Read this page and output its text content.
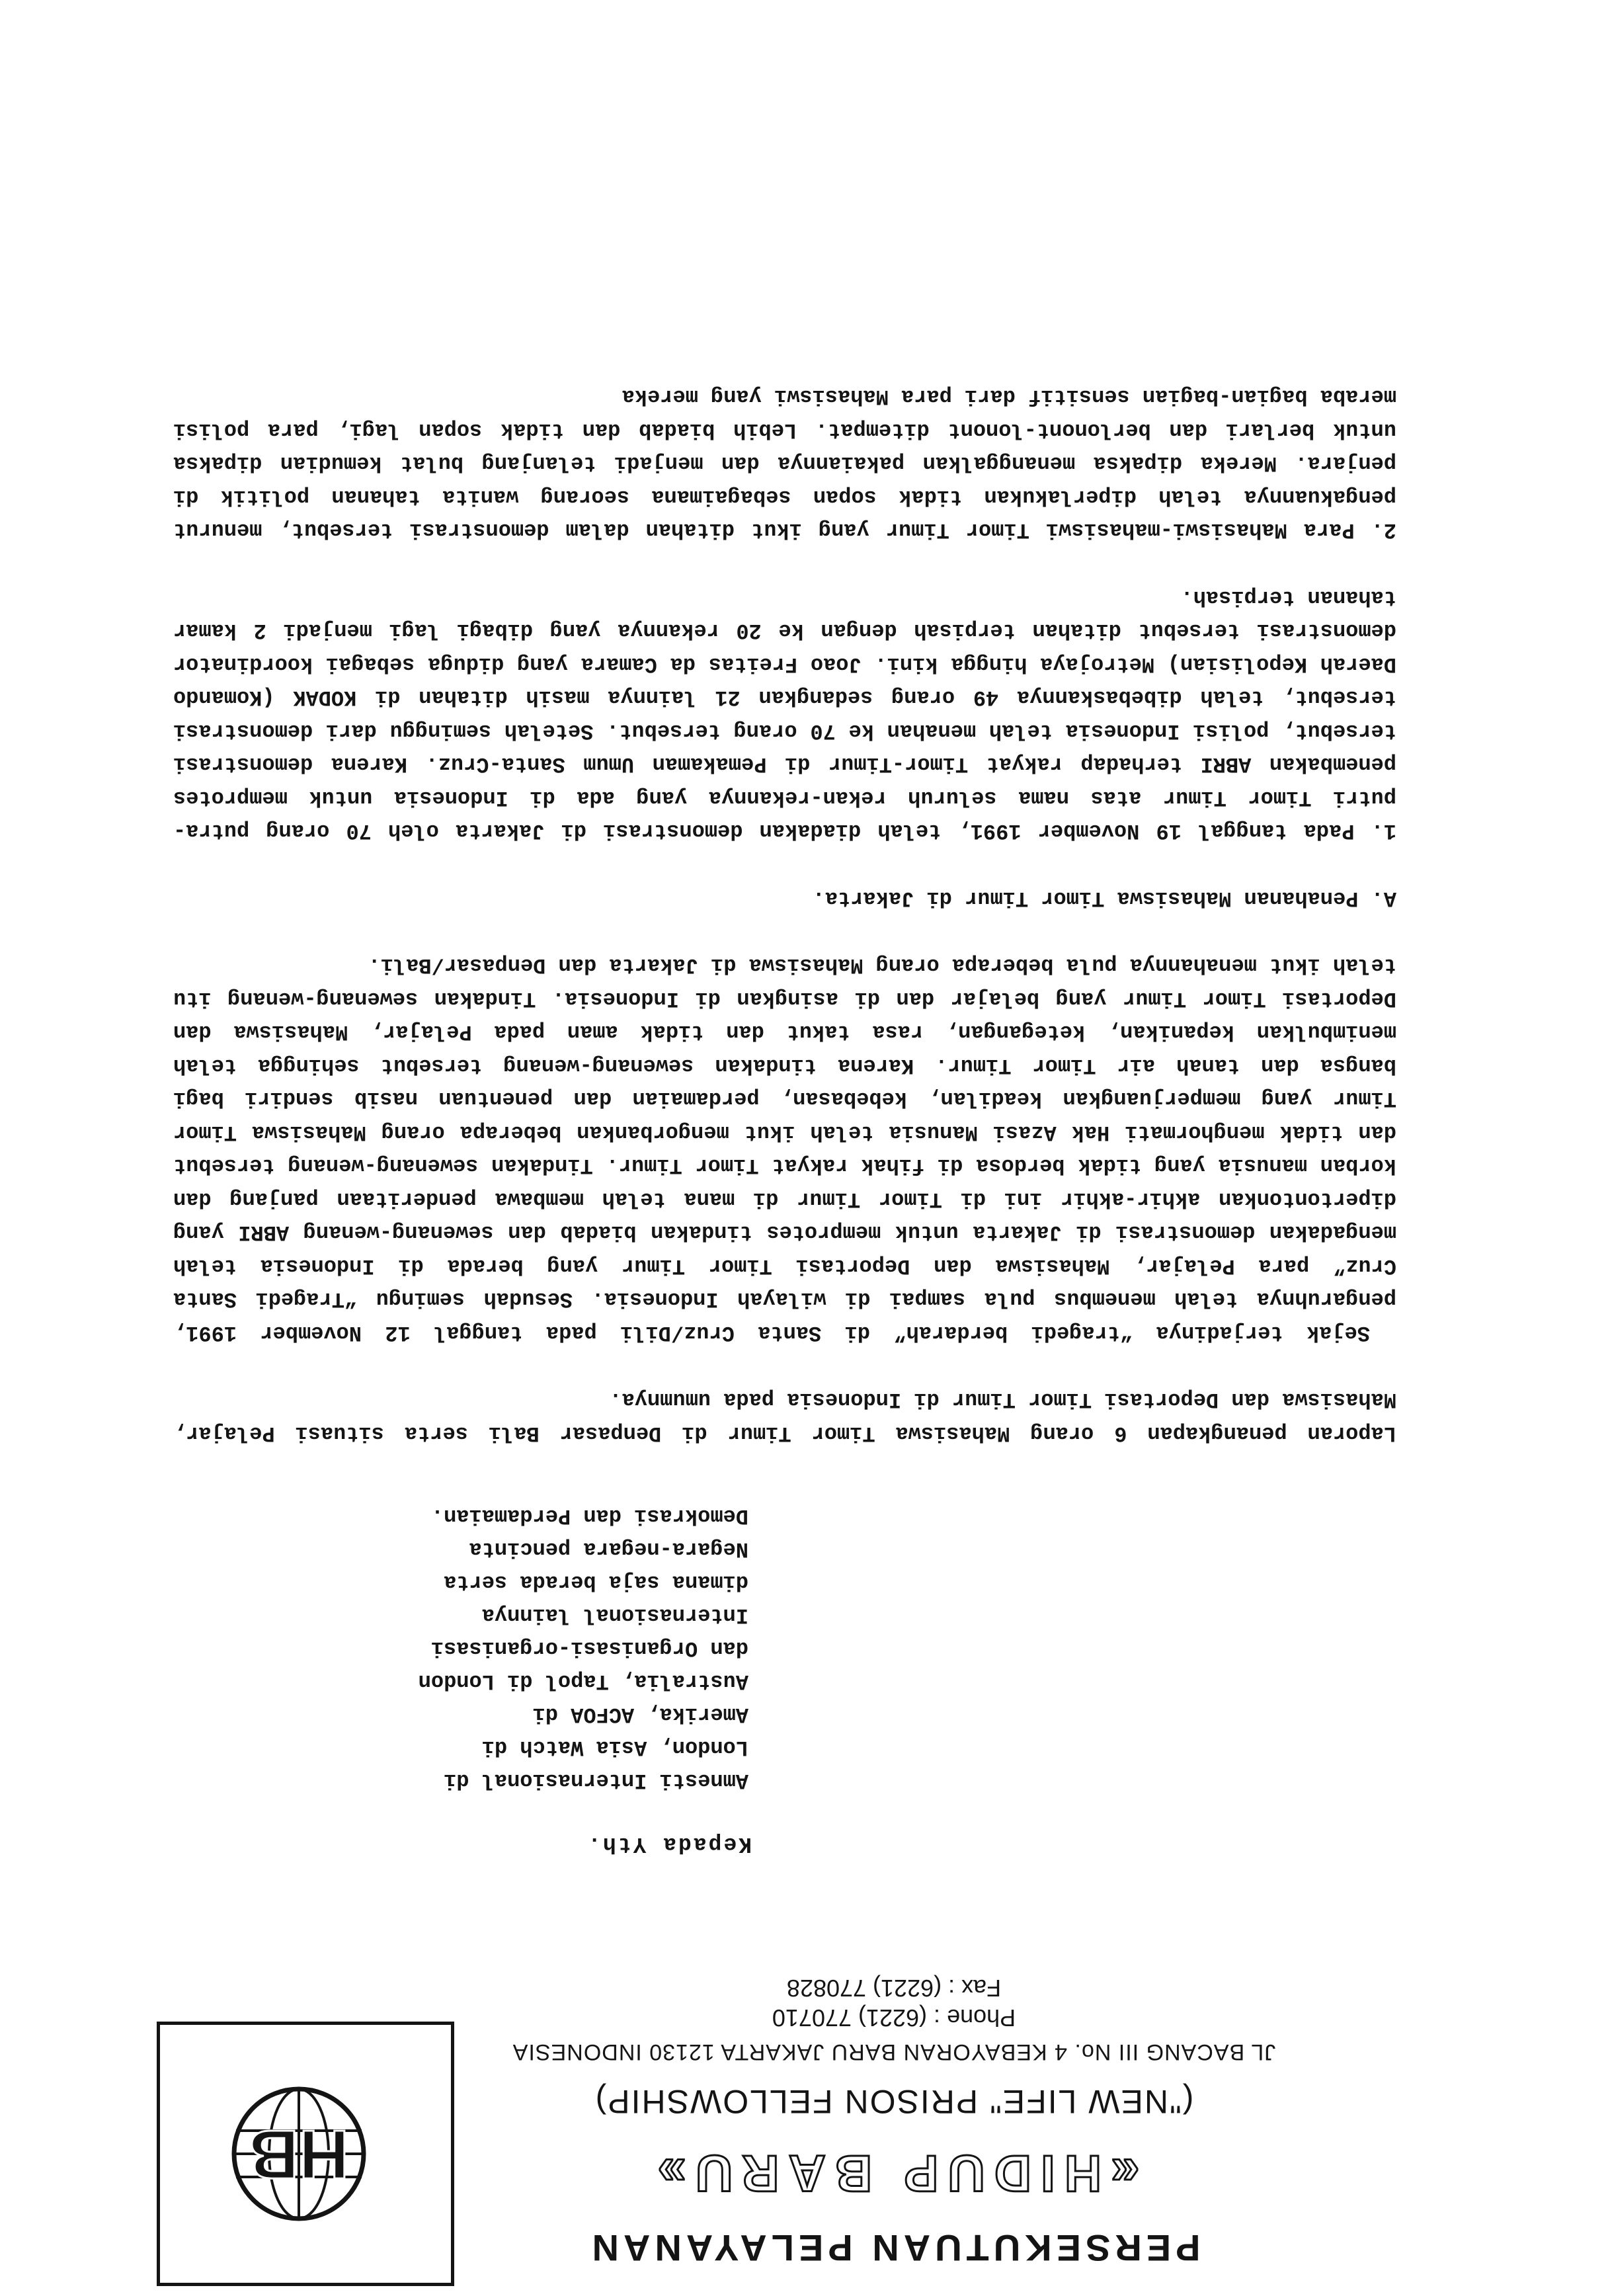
HB
PERSEKUTUAN PELAYANAN
«HIDUP BARU»
("NEW LIFE" PRISON FELLOWSHIP)
JL BACANG III No. 4 KEBAYORAN BARU JAKARTA 12130 INDONESIA
Phone : (6221) 770710
Fax : (6221) 770828
Kepada Yth.
Amnesti Internasional di
London, Asia Watch di
Amerika, ACFOA di
Australia, Tapol di London
dan Organisasi-organisasi
Internasional lainnya
dimana saja berada serta
Negara-negara pencinta
Demokrasi dan Perdamaian.

Laporan penangkapan 6 orang Mahasiswa Timor Timur di Denpasar Bali serta situasi Pelajar, Mahasiswa dan Deportasi Timor Timur di Indonesia pada umumnya.

Sejak terjadinya “tragedi berdarah” di Santa Cruz/Dili pada tanggal 12 November 1991, pengaruhnya telah menembus pula sampai di wilayah Indonesia. Sesudah semingu “Tragedi Santa Cruz” para Pelajar, Mahasiswa dan Deportasi Timor Timur yang berada di Indonesia telah mengadakan demonstrasi di Jakarta untuk memprotes tindakan biadab dan sewenang-wenang ABRI yang dipertontonkan akhir-akhir ini di Timor Timur di mana telah membawa penderitaan panjang dan korban manusia yang tidak berdosa di fihak rakyat Timor Timur. Tindakan sewenang-wenang tersebut dan tidak menghormati Hak Azasi Manusia telah ikut mengorbankan beberapa orang Mahasiswa Timor Timur yang memperjuangkan keadilan, kebebasan, perdamaian dan penentuan nasib sendiri bagi bangsa dan tanah air Timor Timur. Karena tindakan sewenang-wenang tersebut sehingga telah menimbulkan kepanikan, ketegangan, rasa takut dan tidak aman pada Pelajar, Mahasiswa dan Deportasi Timor Timur yang belajar dan di asingkan di Indonesia. Tindakan sewenang-wenang itu telah ikut menahannya pula beberapa orang Mahasiswa di Jakarta dan Denpasar/Bali.

A. Penahanan Mahasiswa Timor Timur di Jakarta.

1. Pada tanggal 19 November 1991, telah diadakan demonstrasi di Jakarta oleh 70 orang putra-putri Timor Timur atas nama seluruh rekan-rekannya yang ada di Indonesia untuk memprotes penembakan ABRI terhadap rakyat Timor-Timur di Pemakaman Umum Santa-Cruz. Karena demonstrasi tersebut, polisi Indonesia telah menahan ke 70 orang tersebut. Setelah seminggu dari demonstrasi tersebut, telah dibebaskannya 49 orang sedangkan 21 lainnya masih ditahan di KODAK (Komando Daerah Kepolisian) Metrojaya hingga kini. Joao Freitas da Camara yang diduga sebagai koordinator demonstrasi tersebut ditahan terpisah dengan ke 20 rekannya yang dibagi lagi menjadi 2 kamar tahanan terpisah.

2. Para Mahasiswi-mahasiswi Timor Timur yang ikut ditahan dalam demonstrasi tersebut, menurut pengakuannya telah diperlakukan tidak sopan sebagaimana seorang wanita tahanan politik di penjara. Mereka dipaksa menanggalkan pakaiannya dan menjadi telanjang bulat kemudian dipaksa untuk berlari dan berlonont-lonont ditempat. Lebih biadab dan tidak sopan lagi, para polisi meraba bagian-bagian sensitif dari para Mahasiswi yang mereka
